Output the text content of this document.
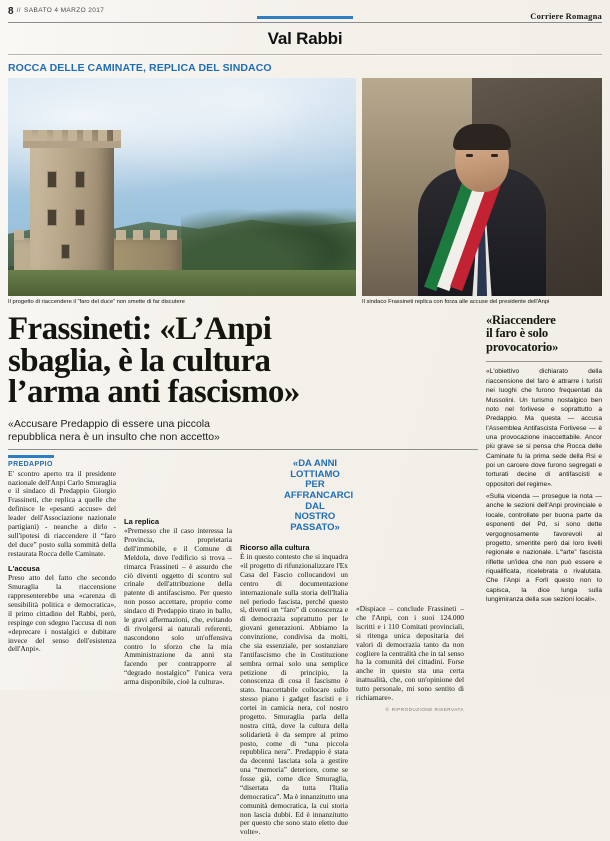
8 // SABATO 4 MARZO 2017
Corriere Romagna
Val Rabbi
ROCCA DELLE CAMINATE, REPLICA DEL SINDACO
Il progetto di riaccendere il “faro del duce” non smette di far discutere	Il sindaco Frassineti replica con forza alle accuse del presidente dell'Anpi
Frassineti: «L’Anpi
sbaglia, è la cultura
l’arma anti fascismo»
«Accusare Predappio di essere una piccola
repubblica nera è un insulto che non accetto»
PREDAPPIO

E' scontro aperto tra il presidente nazionale dell'Anpi Carlo Smuraglia e il sindaco di Predappio Giorgio Frassineti, che replica a quelle che definisce le «pesanti accuse» del leader dell'Associazione nazionale partigiani) - neanche a dirlo - sull'ipotesi di riaccendere il “faro del duce” posto sulla sommità della restaurata Rocca delle Caminate.

L'accusa

Preso atto del fatto che secondo Smuraglia la riaccensione rappresenterebbe una «carenza di sensibilità politica e democratica», il primo cittadino del Rabbi, però, respinge con sdegno l'accusa di non «deprecare i nostalgici e dubitare invece del senso dell'esistenza dell'Anpi».

La replica

«Premesso che il caso interessa la Provincia, proprietaria dell'immobile, e il Comune di Meldola, dove l'edificio si trova – rimarca Frassineti – è assurdo che ciò diventi oggetto di scontro sul crinale dell'attribuzione della patente di antifascismo. Per questo non posso accettare, proprio come sindaco di Predappio tirato in ballo, le gravi affermazioni, che, evitando di rivolgersi ai naturali referenti, nascondono solo un'offensiva contro lo sforzo che la mia Amministrazione da anni sta facendo per contrapporre al “degrado nostalgico” l'unica vera arma disponibile, cioè la cultura».

«DA ANNI LOTTIAMO PER AFFRANCARCI DAL NOSTRO PASSATO»
Ricorso alla cultura

È in questo contesto che si inquadra «il progetto di rifunzionalizzare l'Ex Casa del Fascio collocandovi un centro di documentazione internazionale sulla storia dell'Italia nel periodo fascista, perché questo sì, diventi un “faro” di conoscenza e di democrazia soprattutto per le giovani generazioni. Abbiamo la convinzione, condivisa da molti, che sia essenziale, per sostanziare l'antifascismo che in Costituzione sembra ormai solo una semplice petizione di principio, la conoscenza di cosa il fascismo è stato. Inaccettabile collocare sullo stesso piano i gadget fascisti e i cortei in camicia nera, col nostro progetto. Smuraglia parla della nostra città, dove la cultura della solidarietà è da sempre al primo posto, come di “una piccola repubblica nera”. Predappio è stata da decenni lasciata sola a gestire una “memoria” deteriore, come se fosse già, come dice Smuraglia, “disertata da tutta l'Italia democratica”. Ma è innanzitutto una comunità democratica, la cui storia non lascia dubbi. Ed è innanzitutto per questo che sono stato eletto due volte».

«Dispiace – conclude Frassineti – che l'Anpi, con i suoi 124.000 iscritti e i 110 Comitati provinciali, si ritenga unica depositaria dei valori di democrazia tanto da non cogliere la centralità che in tal senso ha la comunità dei cittadini. Forse anche in questo sta una certa inattualità, che, con un'opinione del tutto personale, mi sono sentito di richiamare».

© RIPRODUZIONE RISERVATA
«Riaccendere
il faro è solo
provocatorio»

«L'obiettivo dichiarato della riaccensione del faro è attrarre i turisti nei luoghi che furono frequentati da Mussolini. Un turismo nostalgico ben noto nel forlivese e soprattutto a Predappio. Ma questa — accusa l'Assemblea Antifascista Forlivese — è una provocazione inaccettabile. Ancor più grave se si pensa che Rocca delle Caminate fu la prima sede della Rsi e poi un carcere dove furono segregati e torturati decine di antifascisti e oppositori del regime».

«Sulla vicenda — prosegue la nota — anche le sezioni dell'Anpi provinciale e locale, controllate per buona parte da esponenti del Pd, si sono dette vergognosamente favorevoli al progetto, smentite però dai loro livelli regionale e nazionale. L'“arte” fascista riflette un'idea che non può essere e riqualificata, ricelebrata o rivalutata. Che l'Anpi a Forlì questo non lo capisca, la dice lunga sulla lungimiranza della sue sezioni locali».
